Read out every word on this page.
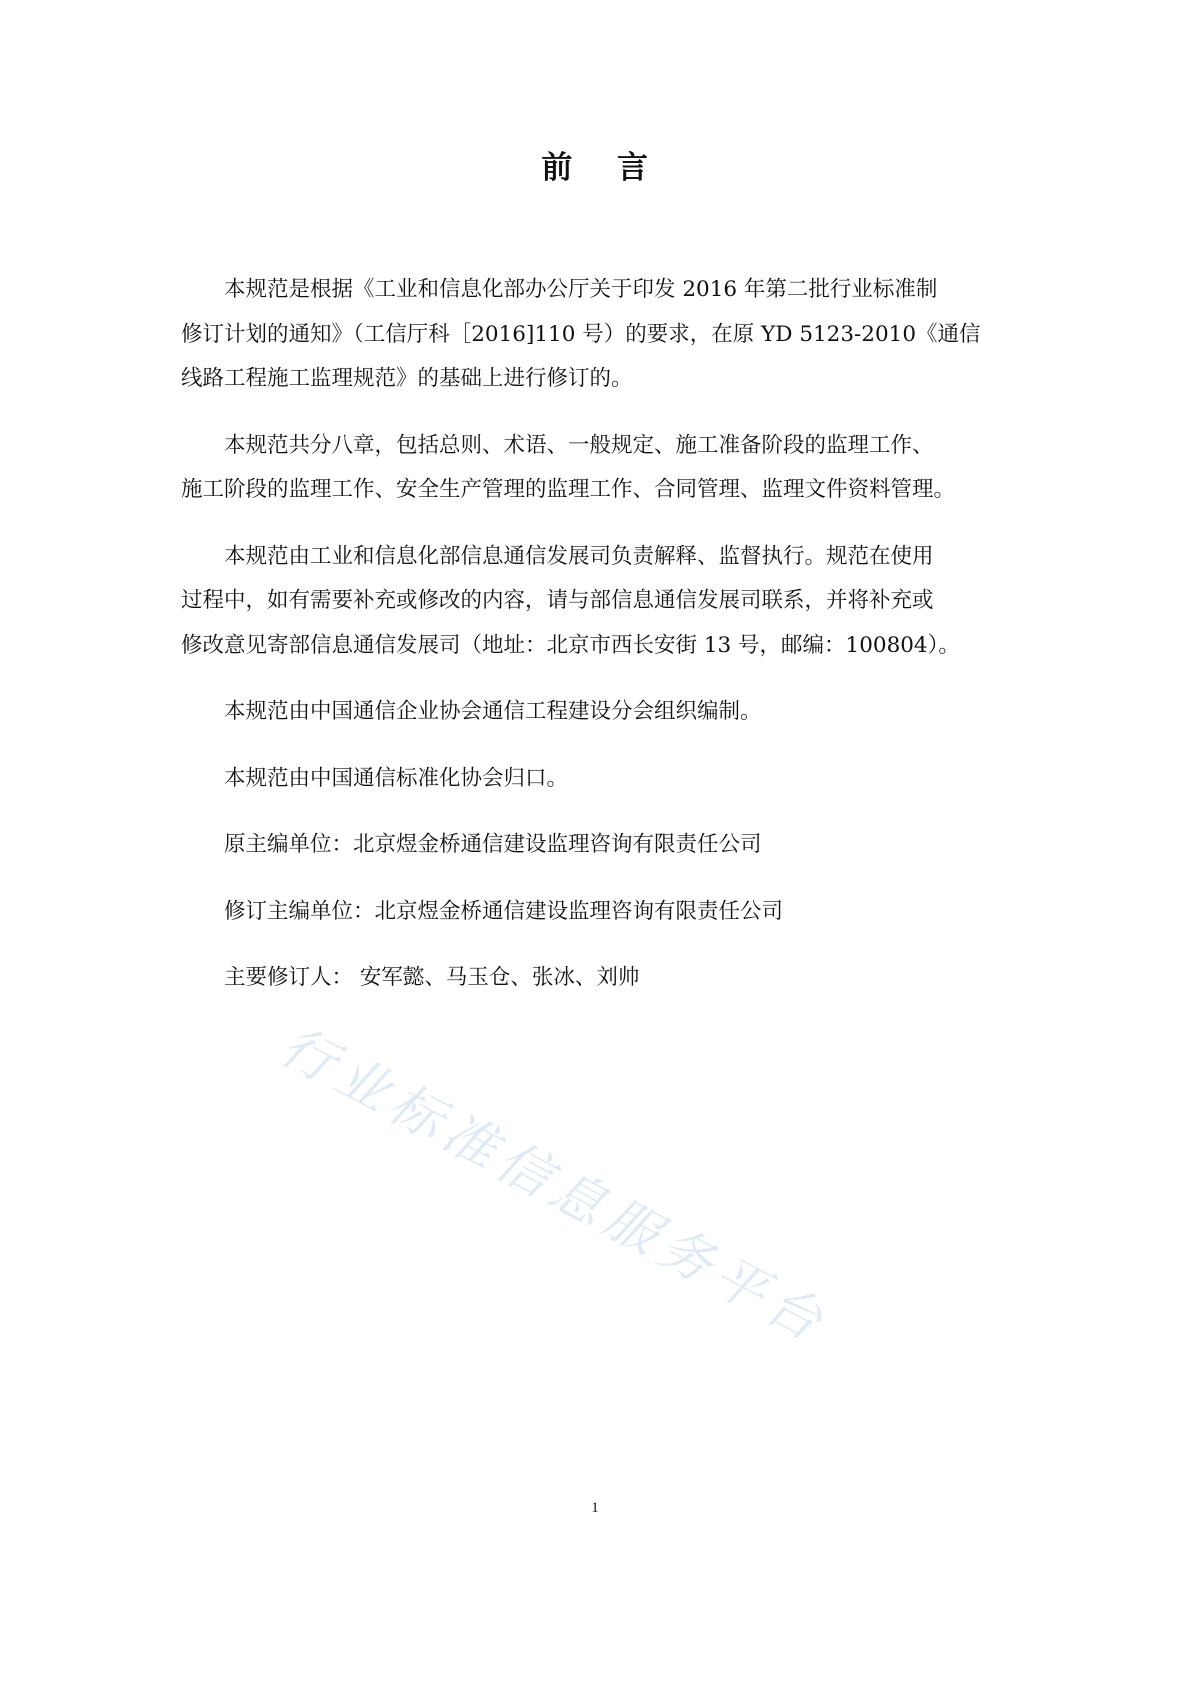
前 言
本规范是根据《工业和信息化部办公厅关于印发 2016 年第二批行业标准制
修订计划的通知》（工信厅科［2016]110 号）的要求，在原 YD 5123-2010《通信
线路工程施工监理规范》的基础上进行修订的。
本规范共分八章，包括总则、术语、一般规定、施工准备阶段的监理工作、
施工阶段的监理工作、安全生产管理的监理工作、合同管理、监理文件资料管理。
本规范由工业和信息化部信息通信发展司负责解释、监督执行。规范在使用
过程中，如有需要补充或修改的内容，请与部信息通信发展司联系，并将补充或
修改意见寄部信息通信发展司（地址：北京市西长安街 13 号，邮编：100804）。
本规范由中国通信企业协会通信工程建设分会组织编制。
本规范由中国通信标准化协会归口。
原主编单位：北京煜金桥通信建设监理咨询有限责任公司
修订主编单位：北京煜金桥通信建设监理咨询有限责任公司
主要修订人： 安军懿、马玉仓、张冰、刘帅
行业标准信息服务平台
1
